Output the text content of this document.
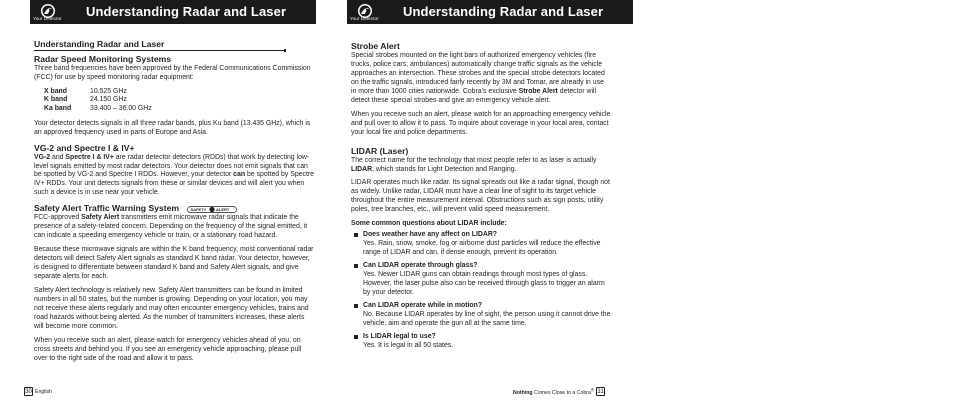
Your Detector Understanding Radar and Laser
Understanding Radar and Laser
Radar Speed Monitoring Systems

Three band frequencies have been approved by the Federal Communications Commission (FCC) for use by speed monitoring radar equipment:

X band	10.525 GHz
K band	24.150 GHz
Ka band	33.400 – 36.00 GHz

Your detector detects signals in all three radar bands, plus Ku band (13.435 GHz), which is an approved frequency used in parts of Europe and Asia.

VG-2 and Spectre I & IV+

VG-2 and Spectre I & IV+ are radar detector detectors (RDDs) that work by detecting low-level signals emitted by most radar detectors. Your detector does not emit signals that can be spotted by VG-2 and Spectre I RDDs. However, your detector can be spotted by Spectre IV+ RDDs. Your unit detects signals from these or similar devices and will alert you when such a device is in use near your vehicle.

Safety Alert Traffic Warning System	SAFETY ALERT

FCC-approved Safety Alert transmitters emit microwave radar signals that indicate the presence of a safety-related concern. Depending on the frequency of the signal emitted, it can indicate a speeding emergency vehicle or train, or a stationary road hazard.

Because these microwave signals are within the K band frequency, most conventional radar detectors will detect Safety Alert signals as standard K band radar. Your detector, however, is designed to differentiate between standard K band and Safety Alert signals, and give separate alerts for each.

Safety Alert technology is relatively new. Safety Alert transmitters can be found in limited numbers in all 50 states, but the number is growing. Depending on your location, you may not receive these alerts regularly and may often encounter emergency vehicles, trains and road hazards without being alerted. As the number of transmitters increases, these alerts will become more common.

When you receive such an alert, please watch for emergency vehicles ahead of you, on cross streets and behind you. If you see an emergency vehicle approaching, please pull over to the right side of the road and allow it to pass.

30 English
Your Detector Understanding Radar and Laser
Strobe Alert

Special strobes mounted on the light bars of authorized emergency vehicles (fire trucks, police cars, ambulances) automatically change traffic signals as the vehicle approaches an intersection. These strobes and the special strobe detectors located on the traffic signals, introduced fairly recently by 3M and Tomar, are already in use in more than 1000 cities nationwide. Cobra’s exclusive Strobe Alert detector will detect these special strobes and give an emergency vehicle alert.

When you receive such an alert, please watch for an approaching emergency vehicle and pull over to allow it to pass. To inquire about coverage in your local area, contact your local fire and police departments.

LIDAR (Laser)

The correct name for the technology that most people refer to as laser is actually LIDAR, which stands for Light Detection and Ranging.

LIDAR operates much like radar. Its signal spreads out like a radar signal, though not as widely. Unlike radar, LIDAR must have a clear line of sight to its target vehicle throughout the entire measurement interval. Obstructions such as sign posts, utility poles, tree branches, etc., will prevent valid speed measurement.

Some common questions about LIDAR include:
Does weather have any affect on LIDAR?
Yes. Rain, snow, smoke, fog or airborne dust particles will reduce the effective range of LIDAR and can, if dense enough, prevent its operation.
Can LIDAR operate through glass?
Yes. Newer LIDAR guns can obtain readings through most types of glass. However, the laser pulse also can be received through glass to trigger an alarm by your detector.
Can LIDAR operate while in motion?
No. Because LIDAR operates by line of sight, the person using it cannot drive the vehicle, aim and operate the gun all at the same time.
Is LIDAR legal to use?
Yes. It is legal in all 50 states.
Nothing Comes Close to a Cobra® 31
